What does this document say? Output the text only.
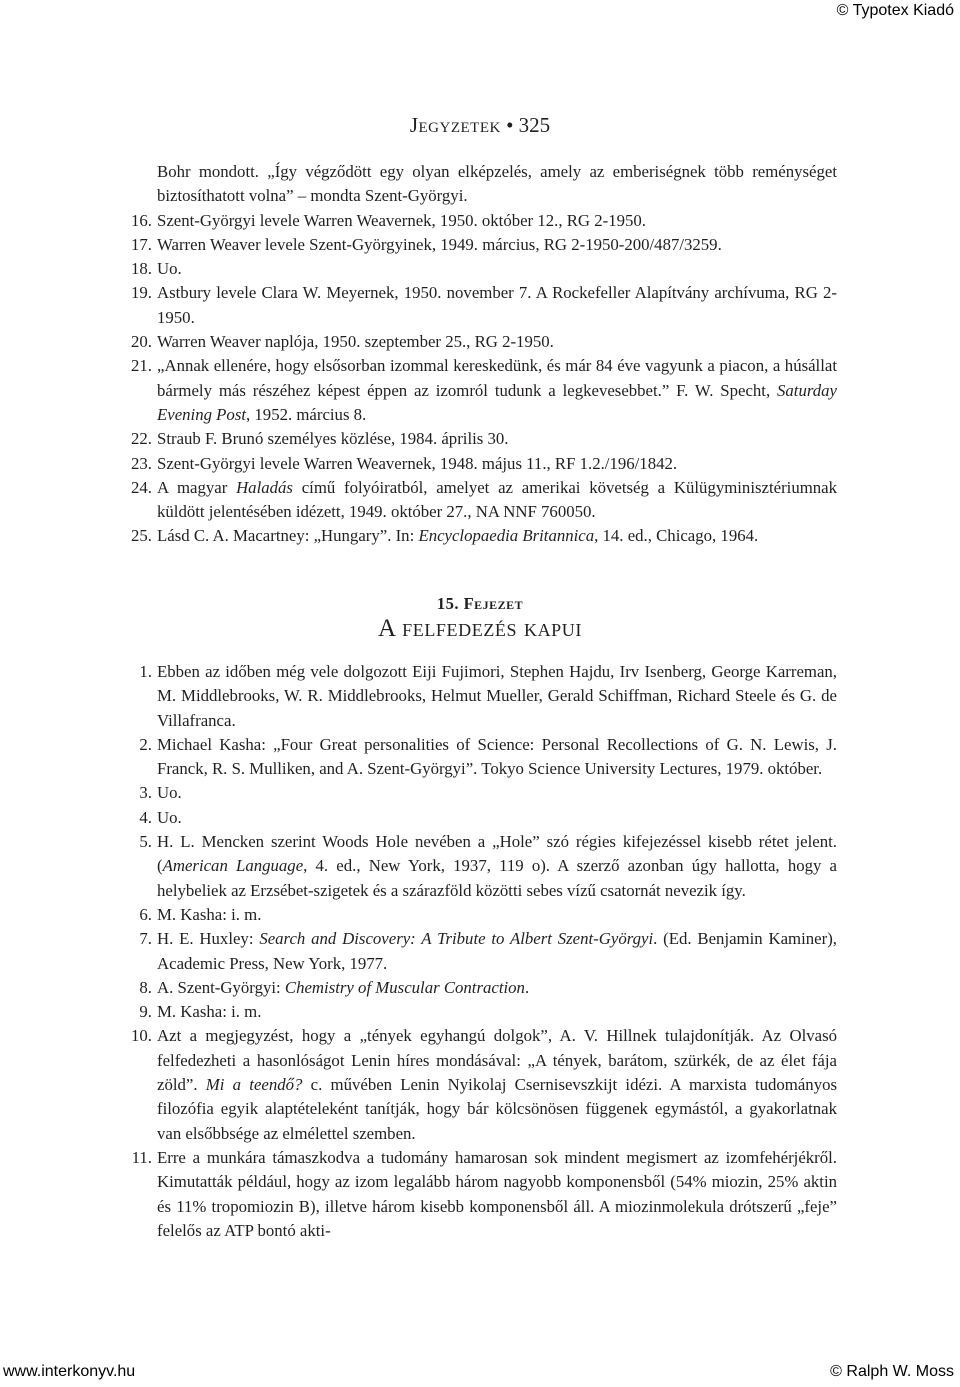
© Typotex Kiadó
Jegyzetek • 325
Bohr mondott. „Így végződött egy olyan elképzelés, amely az emberiségnek több reménységet biztosíthatott volna” – mondta Szent-Györgyi.
16. Szent-Györgyi levele Warren Weavernek, 1950. október 12., RG 2-1950.
17. Warren Weaver levele Szent-Györgyinek, 1949. március, RG 2-1950-200/487/3259.
18. Uo.
19. Astbury levele Clara W. Meyernek, 1950. november 7. A Rockefeller Alapítvány archívuma, RG 2-1950.
20. Warren Weaver naplója, 1950. szeptember 25., RG 2-1950.
21. „Annak ellenére, hogy elsősorban izommal kereskedünk, és már 84 éve vagyunk a piacon, a húsállat bármely más részéhez képest éppen az izomról tudunk a legkevesebbet.” F. W. Specht, Saturday Evening Post, 1952. március 8.
22. Straub F. Brunó személyes közlése, 1984. április 30.
23. Szent-Györgyi levele Warren Weavernek, 1948. május 11., RF 1.2./196/1842.
24. A magyar Haladás című folyóiratból, amelyet az amerikai követség a Külügyminisztériumnak küldött jelentésében idézett, 1949. október 27., NA NNF 760050.
25. Lásd C. A. Macartney: „Hungary”. In: Encyclopaedia Britannica, 14. ed., Chicago, 1964.
15. Fejezet
A felfedezés kapui
1. Ebben az időben még vele dolgozott Eiji Fujimori, Stephen Hajdu, Irv Isenberg, George Karreman, M. Middlebrooks, W. R. Middlebrooks, Helmut Mueller, Gerald Schiffman, Richard Steele és G. de Villafranca.
2. Michael Kasha: „Four Great personalities of Science: Personal Recollections of G. N. Lewis, J. Franck, R. S. Mulliken, and A. Szent-Györgyi”. Tokyo Science University Lectures, 1979. október.
3. Uo.
4. Uo.
5. H. L. Mencken szerint Woods Hole nevében a „Hole” szó régies kifejezéssel kisebb rétet jelent. (American Language, 4. ed., New York, 1937, 119 o). A szerző azonban úgy hallotta, hogy a helybeliek az Erzsébet-szigetek és a szárazföld közötti sebes vízű csatornát nevezik így.
6. M. Kasha: i. m.
7. H. E. Huxley: Search and Discovery: A Tribute to Albert Szent-Györgyi. (Ed. Benjamin Kaminer), Academic Press, New York, 1977.
8. A. Szent-Györgyi: Chemistry of Muscular Contraction.
9. M. Kasha: i. m.
10. Azt a megjegyzést, hogy a „tények egyhangú dolgok”, A. V. Hillnek tulajdonítják. Az Olvasó felfedezheti a hasonlóságot Lenin híres mondásával: „A tények, barátom, szürkék, de az élet fája zöld”. Mi a teendő? c. művében Lenin Nyikolaj Csernisevszkijt idézi. A marxista tudományos filozófia egyik alaptételeként tanítják, hogy bár kölcsönösen függenek egymástól, a gyakorlatnak van elsőbbsége az elmélettel szemben.
11. Erre a munkára támaszkodva a tudomány hamarosan sok mindent megismert az izomfehérjékről. Kimutatták például, hogy az izom legalább három nagyobb komponensből (54% miozin, 25% aktin és 11% tropomiozin B), illetve három kisebb komponensből áll. A miozinmolekula drótszerű „feje” felelős az ATP bontó akti-
www.interkonyv.hu	© Ralph W. Moss
